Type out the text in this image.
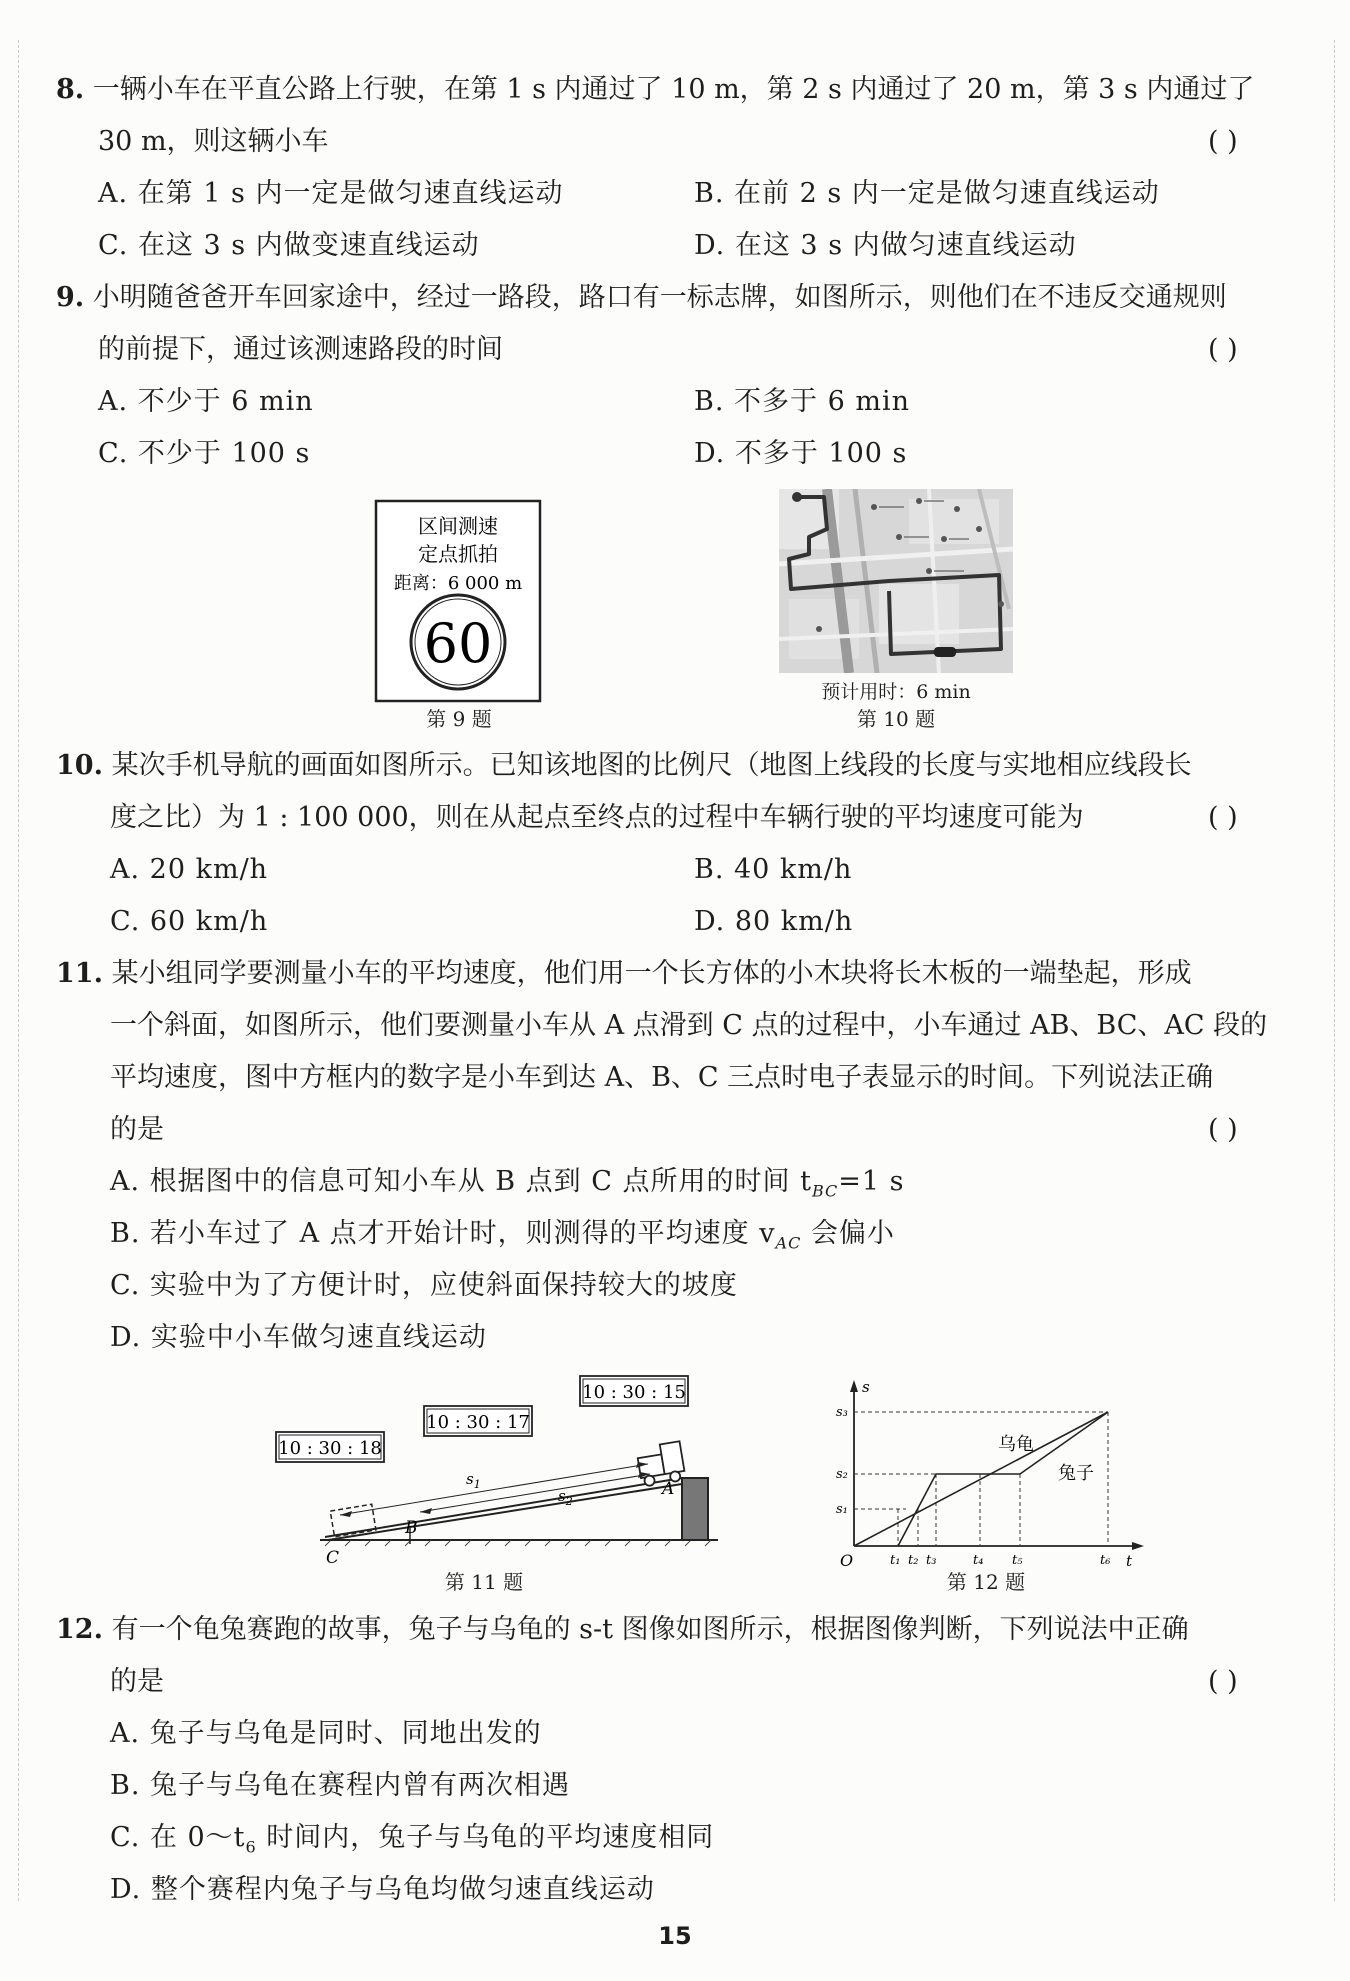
8. 一辆小车在平直公路上行驶，在第 1 s 内通过了 10 m，第 2 s 内通过了 20 m，第 3 s 内通过了
30 m，则这辆小车	( )
A. 在第 1 s 内一定是做匀速直线运动	B. 在前 2 s 内一定是做匀速直线运动
C. 在这 3 s 内做变速直线运动	D. 在这 3 s 内做匀速直线运动
9. 小明随爸爸开车回家途中，经过一路段，路口有一标志牌，如图所示，则他们在不违反交通规则
的前提下，通过该测速路段的时间	( )
A. 不少于 6 min	B. 不多于 6 min
C. 不少于 100 s	D. 不多于 100 s
区间测速
定点抓拍
距离：6 000 m
60
第 9 题
预计用时：6 min
第 10 题
10. 某次手机导航的画面如图所示。已知该地图的比例尺（地图上线段的长度与实地相应线段长
度之比）为 1 : 100 000，则在从起点至终点的过程中车辆行驶的平均速度可能为	( )
A. 20 km/h	B. 40 km/h
C. 60 km/h	D. 80 km/h
11. 某小组同学要测量小车的平均速度，他们用一个长方体的小木块将长木板的一端垫起，形成
一个斜面，如图所示，他们要测量小车从 A 点滑到 C 点的过程中，小车通过 AB、BC、AC 段的
平均速度，图中方框内的数字是小车到达 A、B、C 三点时电子表显示的时间。下列说法正确
的是	( )
A. 根据图中的信息可知小车从 B 点到 C 点所用的时间 $t_{BC}=1$ s
B. 若小车过了 A 点才开始计时，则测得的平均速度 $v_{AC}$ 会偏小
C. 实验中为了方便计时，应使斜面保持较大的坡度
D. 实验中小车做匀速直线运动
B
A
C
$s_1$
$s_2$
10 : 30 : 18
10 : 30 : 17
10 : 30 : 15
第 11 题
s
t
O
s₃
s₂
s₁
t₁ t₂ t₃	t₄ t₅	t₆
乌龟
兔子
第 12 题
12. 有一个龟兔赛跑的故事，兔子与乌龟的 s-t 图像如图所示，根据图像判断，下列说法中正确
的是	( )
A. 兔子与乌龟是同时、同地出发的
B. 兔子与乌龟在赛程内曾有两次相遇
C. 在 $0\sim t_6$ 时间内，兔子与乌龟的平均速度相同
D. 整个赛程内兔子与乌龟均做匀速直线运动
15
